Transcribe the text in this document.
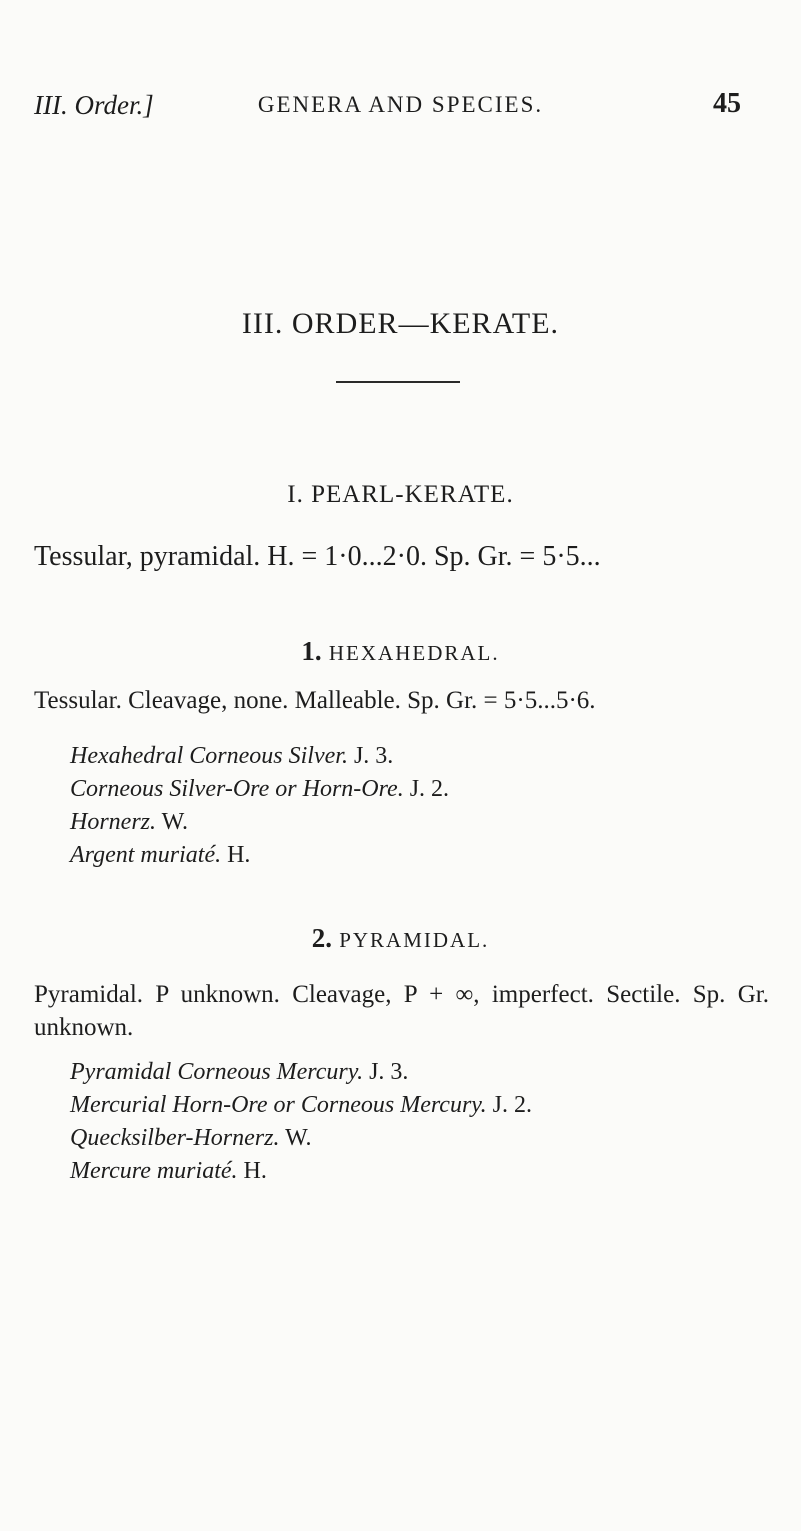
III. Order.]	GENERA AND SPECIES.	45
III. ORDER—KERATE.
I. PEARL-KERATE.
Tessular, pyramidal. H. = 1·0...2·0. Sp. Gr. = 5·5...
1. HEXAHEDRAL.
Tessular. Cleavage, none. Malleable. Sp. Gr. = 5·5...5·6.
Hexahedral Corneous Silver. J. 3.
Corneous Silver-Ore or Horn-Ore. J. 2.
Hornerz. W.
Argent muriaté. H.
2. PYRAMIDAL.
Pyramidal. P unknown. Cleavage, P + ∞, imperfect. Sectile. Sp. Gr. unknown.
Pyramidal Corneous Mercury. J. 3.
Mercurial Horn-Ore or Corneous Mercury. J. 2.
Quecksilber-Hornerz. W.
Mercure muriaté. H.
